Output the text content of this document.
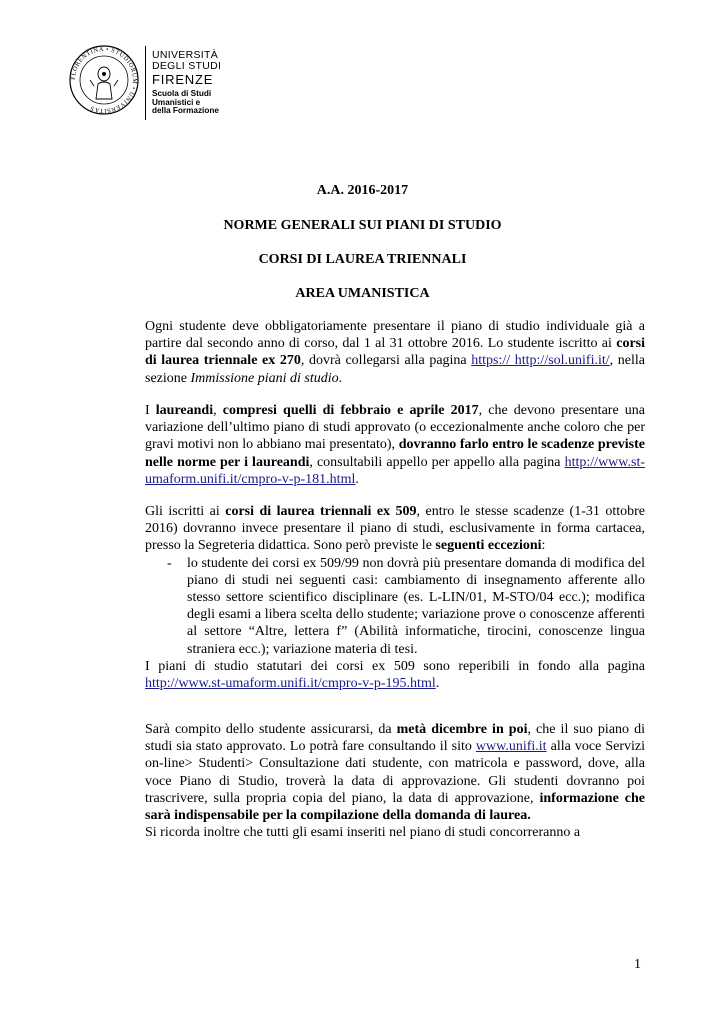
FLORENTINA • STUDIORUM • UNIVERSITAS
UNIVERSITÀ
DEGLI STUDI
FIRENZE
Scuola di Studi
Umanistici e
della Formazione
A.A. 2016-2017
NORME GENERALI SUI PIANI DI STUDIO
CORSI DI LAUREA TRIENNALI
AREA UMANISTICA

Ogni studente deve obbligatoriamente presentare il piano di studio individuale già a partire dal secondo anno di corso, dal 1 al 31 ottobre 2016. Lo studente iscritto ai corsi di laurea triennale ex 270, dovrà collegarsi alla pagina https:// http://sol.unifi.it/, nella sezione Immissione piani di studio.

I laureandi, compresi quelli di febbraio e aprile 2017, che devono presentare una variazione dell’ultimo piano di studi approvato (o eccezionalmente anche coloro che per gravi motivi non lo abbiano mai presentato), dovranno farlo entro le scadenze previste nelle norme per i laureandi, consultabili appello per appello alla pagina http://www.st-umaform.unifi.it/cmpro-v-p-181.html.

Gli iscritti ai corsi di laurea triennali ex 509, entro le stesse scadenze (1-31 ottobre 2016) dovranno invece presentare il piano di studi, esclusivamente in forma cartacea, presso la Segreteria didattica. Sono però previste le seguenti eccezioni:

- lo studente dei corsi ex 509/99 non dovrà più presentare domanda di modifica del piano di studi nei seguenti casi: cambiamento di insegnamento afferente allo stesso settore scientifico disciplinare (es. L-LIN/01, M-STO/04 ecc.); modifica degli esami a libera scelta dello studente; variazione prove o conoscenze afferenti al settore “Altre, lettera f” (Abilità informatiche, tirocini, conoscenze lingua straniera ecc.); variazione materia di tesi.

I piani di studio statutari dei corsi ex 509 sono reperibili in fondo alla pagina http://www.st-umaform.unifi.it/cmpro-v-p-195.html.

Sarà compito dello studente assicurarsi, da metà dicembre in poi, che il suo piano di studi sia stato approvato. Lo potrà fare consultando il sito www.unifi.it alla voce Servizi on-line> Studenti> Consultazione dati studente, con matricola e password, dove, alla voce Piano di Studio, troverà la data di approvazione. Gli studenti dovranno poi trascrivere, sulla propria copia del piano, la data di approvazione, informazione che sarà indispensabile per la compilazione della domanda di laurea.

Si ricorda inoltre che tutti gli esami inseriti nel piano di studi concorreranno a

1
